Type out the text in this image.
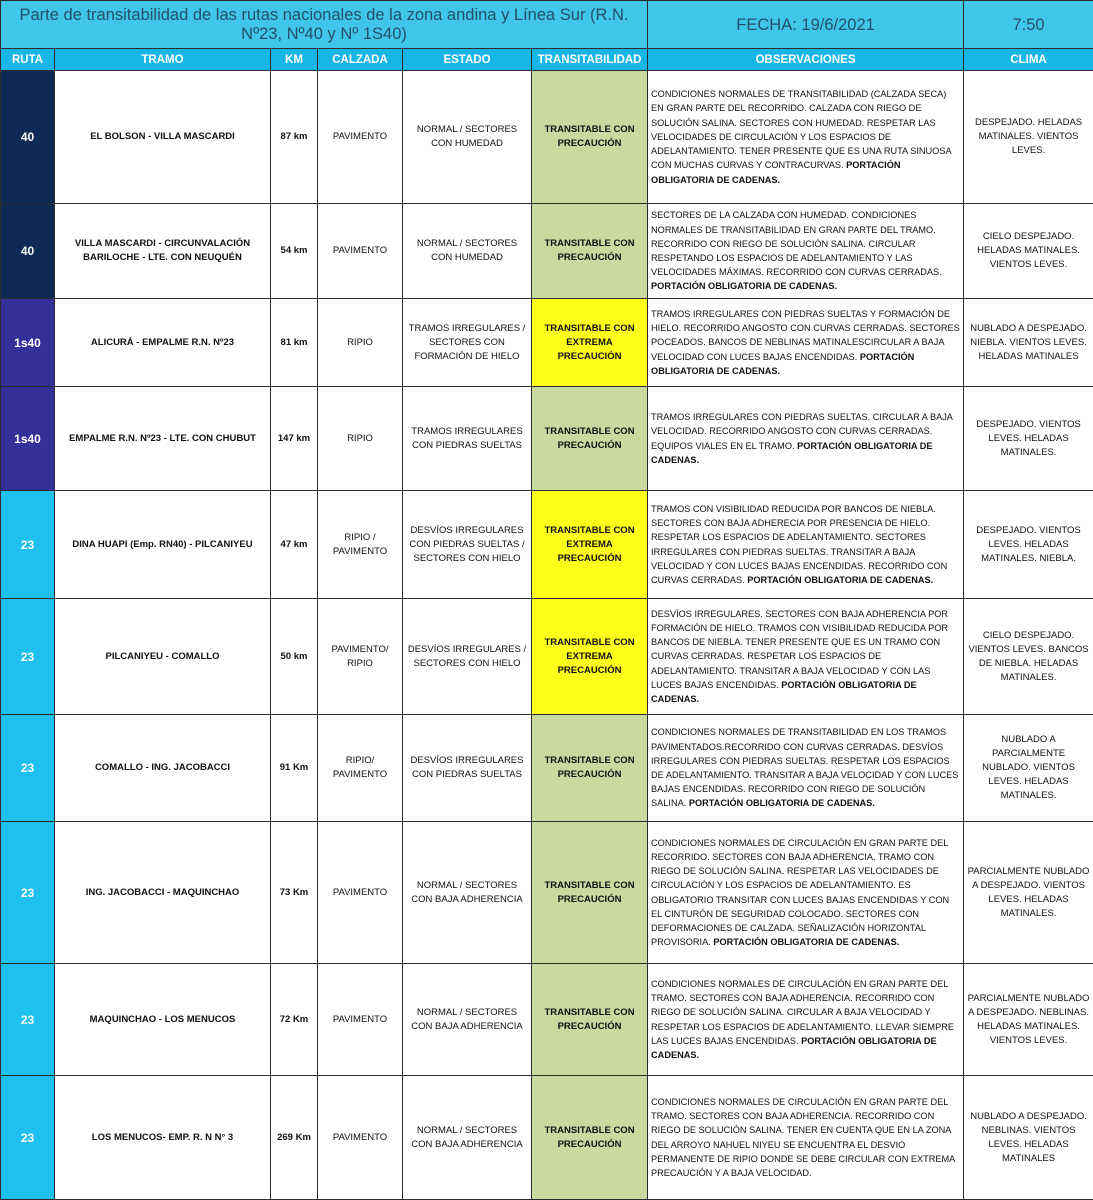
Parte de transitabilidad de las rutas nacionales de la zona andina y Línea Sur (R.N. Nº23, Nº40 y Nº 1S40)						FECHA: 19/6/2021	7:50
RUTA	TRAMO	KM	CALZADA	ESTADO	TRANSITABILIDAD	OBSERVACIONES	CLIMA
40	EL BOLSON - VILLA MASCARDI	87 km	PAVIMENTO	NORMAL / SECTORES CON HUMEDAD	TRANSITABLE CON PRECAUCIÓN	CONDICIONES NORMALES DE TRANSITABILIDAD (CALZADA SECA) EN GRAN PARTE DEL RECORRIDO. CALZADA CON RIEGO DE SOLUCIÓN SALINA. SECTORES CON HUMEDAD. RESPETAR LAS VELOCIDADES DE CIRCULACIÓN Y LOS ESPACIOS DE ADELANTAMIENTO. TENER PRESENTE QUE ES UNA RUTA SINUOSA CON MUCHAS CURVAS Y CONTRACURVAS. PORTACIÓN OBLIGATORIA DE CADENAS.	DESPEJADO. HELADAS MATINALES. VIENTOS LEVES.
40	VILLA MASCARDI - CIRCUNVALACIÓN BARILOCHE - LTE. CON NEUQUÉN	54 km	PAVIMENTO	NORMAL / SECTORES CON HUMEDAD	TRANSITABLE CON PRECAUCIÓN	SECTORES DE LA CALZADA CON HUMEDAD. CONDICIONES NORMALES DE TRANSITABILIDAD EN GRAN PARTE DEL TRAMO. RECORRIDO CON RIEGO DE SOLUCIÓN SALINA. CIRCULAR RESPETANDO LOS ESPACIOS DE ADELANTAMIENTO Y LAS VELOCIDADES MÁXIMAS. RECORRIDO CON CURVAS CERRADAS. PORTACIÓN OBLIGATORIA DE CADENAS.	CIELO DESPEJADO. HELADAS MATINALES. VIENTOS LEVES.
1s40	ALICURÁ - EMPALME R.N. Nº23	81 km	RIPIO	TRAMOS IRREGULARES / SECTORES CON FORMACIÓN DE HIELO	TRANSITABLE CON EXTREMA PRECAUCIÓN	TRAMOS IRREGULARES CON PIEDRAS SUELTAS Y FORMACIÓN DE HIELO. RECORRIDO ANGOSTO CON CURVAS CERRADAS. SECTORES POCEADOS. BANCOS DE NEBLINAS MATINALESCIRCULAR A BAJA VELOCIDAD CON LUCES BAJAS ENCENDIDAS. PORTACIÓN OBLIGATORIA DE CADENAS.	NUBLADO A DESPEJADO. NIEBLA. VIENTOS LEVES. HELADAS MATINALES
1s40	EMPALME R.N. Nº23 - LTE. CON CHUBUT	147 km	RIPIO	TRAMOS IRREGULARES CON PIEDRAS SUELTAS	TRANSITABLE CON PRECAUCIÓN	TRAMOS IRREGULARES CON PIEDRAS SUELTAS. CIRCULAR A BAJA VELOCIDAD. RECORRIDO ANGOSTO CON CURVAS CERRADAS. EQUIPOS VIALES EN EL TRAMO. PORTACIÓN OBLIGATORIA DE CADENAS.	DESPEJADO. VIENTOS LEVES. HELADAS MATINALES.
23	DINA HUAPI (Emp. RN40) - PILCANIYEU	47 km	RIPIO / PAVIMENTO	DESVÍOS IRREGULARES CON PIEDRAS SUELTAS / SECTORES CON HIELO	TRANSITABLE CON EXTREMA PRECAUCIÓN	TRAMOS CON VISIBILIDAD REDUCIDA POR BANCOS DE NIEBLA. SECTORES CON BAJA ADHERECIA POR PRESENCIA DE HIELO. RESPETAR LOS ESPACIOS DE ADELANTAMIENTO. SECTORES IRREGULARES CON PIEDRAS SUELTAS. TRANSITAR A BAJA VELOCIDAD Y CON LUCES BAJAS ENCENDIDAS. RECORRIDO CON CURVAS CERRADAS. PORTACIÓN OBLIGATORIA DE CADENAS.	DESPEJADO. VIENTOS LEVES. HELADAS MATINALES. NIEBLA.
23	PILCANIYEU - COMALLO	50 km	PAVIMENTO/ RIPIO	DESVÍOS IRREGULARES / SECTORES CON HIELO	TRANSITABLE CON EXTREMA PRECAUCIÓN	DESVÍOS IRREGULARES. SECTORES CON BAJA ADHERENCIA POR FORMACIÓN DE HIELO. TRAMOS CON VISIBILIDAD REDUCIDA POR BANCOS DE NIEBLA. TENER PRESENTE QUE ES UN TRAMO CON CURVAS CERRADAS. RESPETAR LOS ESPACIOS DE ADELANTAMIENTO. TRANSITAR A BAJA VELOCIDAD Y CON LAS LUCES BAJAS ENCENDIDAS. PORTACIÓN OBLIGATORIA DE CADENAS.	CIELO DESPEJADO. VIENTOS LEVES. BANCOS DE NIEBLA. HELADAS MATINALES.
23	COMALLO - ING. JACOBACCI	91 Km	RIPIO/ PAVIMENTO	DESVÍOS IRREGULARES CON PIEDRAS SUELTAS	TRANSITABLE CON PRECAUCIÓN	CONDICIONES NORMALES DE TRANSITABILIDAD EN LOS TRAMOS PAVIMENTADOS.RECORRIDO CON CURVAS CERRADAS. DESVÍOS IRREGULARES CON PIEDRAS SUELTAS. RESPETAR LOS ESPACIOS DE ADELANTAMIENTO. TRANSITAR A BAJA VELOCIDAD Y CON LUCES BAJAS ENCENDIDAS. RECORRIDO CON RIEGO DE SOLUCIÓN SALINA. PORTACIÓN OBLIGATORIA DE CADENAS.	NUBLADO A PARCIALMENTE NUBLADO. VIENTOS LEVES. HELADAS MATINALES.
23	ING. JACOBACCI - MAQUINCHAO	73 Km	PAVIMENTO	NORMAL / SECTORES CON BAJA ADHERENCIA	TRANSITABLE CON PRECAUCIÓN	CONDICIONES NORMALES DE CIRCULACIÓN EN GRAN PARTE DEL RECORRIDO. SECTORES CON BAJA ADHERENCIA. TRAMO CON RIEGO DE SOLUCIÓN SALINA. RESPETAR LAS VELOCIDADES DE CIRCULACIÓN Y LOS ESPACIOS DE ADELANTAMIENTO. ES OBLIGATORIO TRANSITAR CON LUCES BAJAS ENCENDIDAS Y CON EL CINTURÓN DE SEGURIDAD COLOCADO. SECTORES CON DEFORMACIONES DE CALZADA. SEÑALIZACIÓN HORIZONTAL PROVISORIA. PORTACIÓN OBLIGATORIA DE CADENAS.	PARCIALMENTE NUBLADO A DESPEJADO. VIENTOS LEVES. HELADAS MATINALES.
23	MAQUINCHAO - LOS MENUCOS	72 Km	PAVIMENTO	NORMAL / SECTORES CON BAJA ADHERENCIA	TRANSITABLE CON PRECAUCIÓN	CONDICIONES NORMALES DE CIRCULACIÓN EN GRAN PARTE DEL TRAMO. SECTORES CON BAJA ADHERENCIA. RECORRIDO CON RIEGO DE SOLUCIÓN SALINA. CIRCULAR A BAJA VELOCIDAD Y RESPETAR LOS ESPACIOS DE ADELANTAMIENTO. LLEVAR SIEMPRE LAS LUCES BAJAS ENCENDIDAS. PORTACIÓN OBLIGATORIA DE CADENAS.	PARCIALMENTE NUBLADO A DESPEJADO. NEBLINAS. HELADAS MATINALES. VIENTOS LEVES.
23	LOS MENUCOS- EMP. R. N N° 3	269 Km	PAVIMENTO	NORMAL / SECTORES CON BAJA ADHERENCIA	TRANSITABLE CON PRECAUCIÓN	CONDICIONES NORMALES DE CIRCULACIÓN EN GRAN PARTE DEL TRAMO. SECTORES CON BAJA ADHERENCIA. RECORRIDO CON RIEGO DE SOLUCIÓN SALINA. TENER EN CUENTA QUE EN LA ZONA DEL ARROYO NAHUEL NIYEU SE ENCUENTRA EL DESVIO PERMANENTE DE RIPIO DONDE SE DEBE CIRCULAR CON EXTREMA PRECAUCIÓN Y A BAJA VELOCIDAD.	NUBLADO A DESPEJADO. NEBLINAS. VIENTOS LEVES. HELADAS MATINALES
